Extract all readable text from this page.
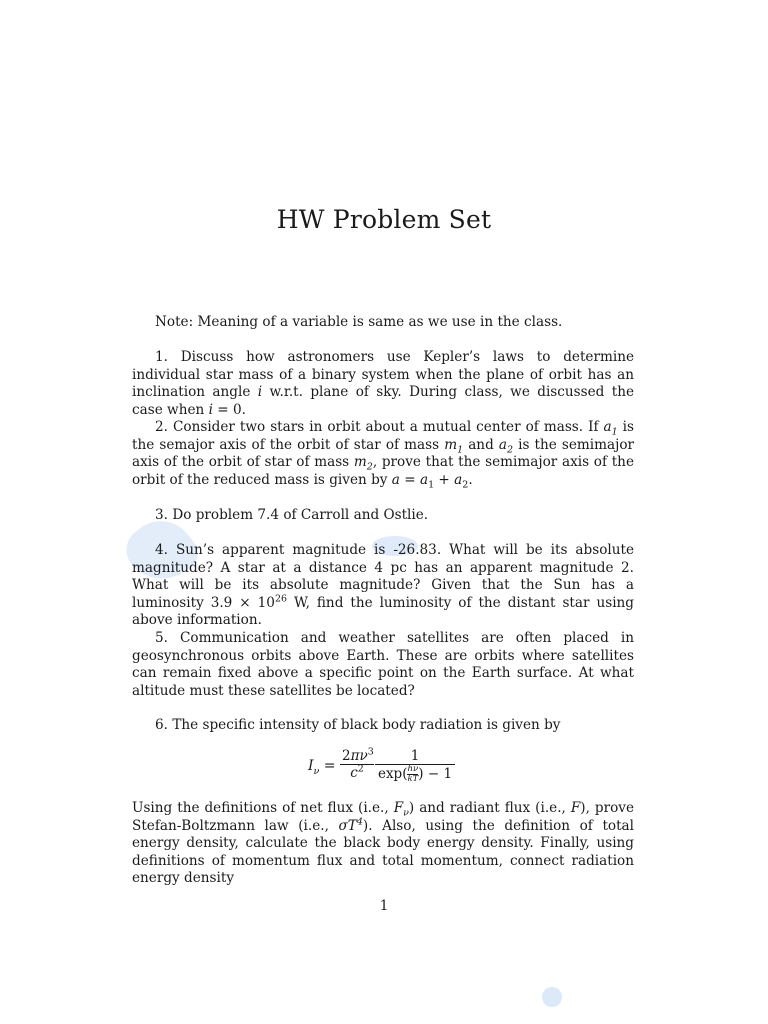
HW Problem Set

Note: Meaning of a variable is same as we use in the class.

1. Discuss how astronomers use Kepler’s laws to determine individual star mass of a binary system when the plane of orbit has an inclination angle i w.r.t. plane of sky. During class, we discussed the case when i = 0.

2. Consider two stars in orbit about a mutual center of mass. If $a_1$ is the semajor axis of the orbit of star of mass $m_1$ and $a_2$ is the semimajor axis of the orbit of star of mass $m_2$, prove that the semimajor axis of the orbit of the reduced mass is given by $a = a_1 + a_2$.

3. Do problem 7.4 of Carroll and Ostlie.

4. Sun’s apparent magnitude is -26.83. What will be its absolute magnitude? A star at a distance 4 pc has an apparent magnitude 2. What will be its absolute magnitude? Given that the Sun has a luminosity $3.9 \times 10^{26}$ W, find the luminosity of the distant star using above information.

5. Communication and weather satellites are often placed in geosynchronous orbits above Earth. These are orbits where satellites can remain fixed above a specific point on the Earth surface. At what altitude must these satellites be located?

6. The specific intensity of black body radiation is given by

$I_\nu = \frac{2\pi\nu^3}{c^2}$	1
$\exp( \frac{h\nu}{kT}$ ) − 1

Using the definitions of net flux (i.e., $F_\nu$) and radiant flux (i.e., F), prove Stefan-Boltzmann law (i.e., $\sigma T^4$). Also, using the definition of total energy density, calculate the black body energy density. Finally, using definitions of momentum flux and total momentum, connect radiation energy density

1
